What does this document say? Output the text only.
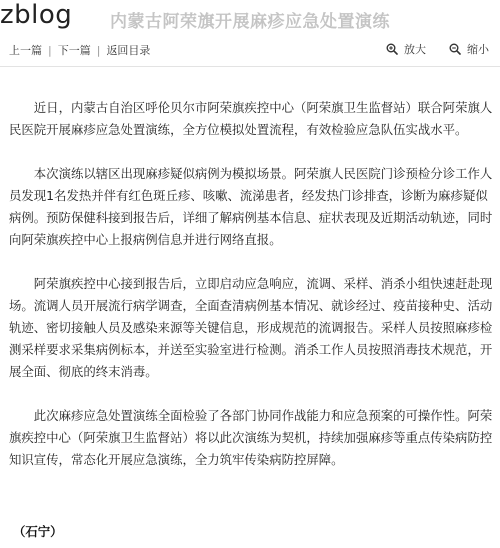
zblog	内蒙古阿荣旗开展麻疹应急处置演练
上一篇 | 下一篇 | 返回目录	放大	缩小

近日，内蒙古自治区呼伦贝尔市阿荣旗疾控中心（阿荣旗卫生监督站）联合阿荣旗人民医院开展麻疹应急处置演练，全方位模拟处置流程，有效检验应急队伍实战水平。

本次演练以辖区出现麻疹疑似病例为模拟场景。阿荣旗人民医院门诊预检分诊工作人员发现1名发热并伴有红色斑丘疹、咳嗽、流涕患者，经发热门诊排查，诊断为麻疹疑似病例。预防保健科接到报告后，详细了解病例基本信息、症状表现及近期活动轨迹，同时向阿荣旗疾控中心上报病例信息并进行网络直报。

阿荣旗疾控中心接到报告后，立即启动应急响应，流调、采样、消杀小组快速赶赴现场。流调人员开展流行病学调查，全面查清病例基本情况、就诊经过、疫苗接种史、活动轨迹、密切接触人员及感染来源等关键信息，形成规范的流调报告。采样人员按照麻疹检测采样要求采集病例标本，并送至实验室进行检测。消杀工作人员按照消毒技术规范，开展全面、彻底的终末消毒。

此次麻疹应急处置演练全面检验了各部门协同作战能力和应急预案的可操作性。阿荣旗疾控中心（阿荣旗卫生监督站）将以此次演练为契机，持续加强麻疹等重点传染病防控知识宣传，常态化开展应急演练，全力筑牢传染病防控屏障。

（石宁）
